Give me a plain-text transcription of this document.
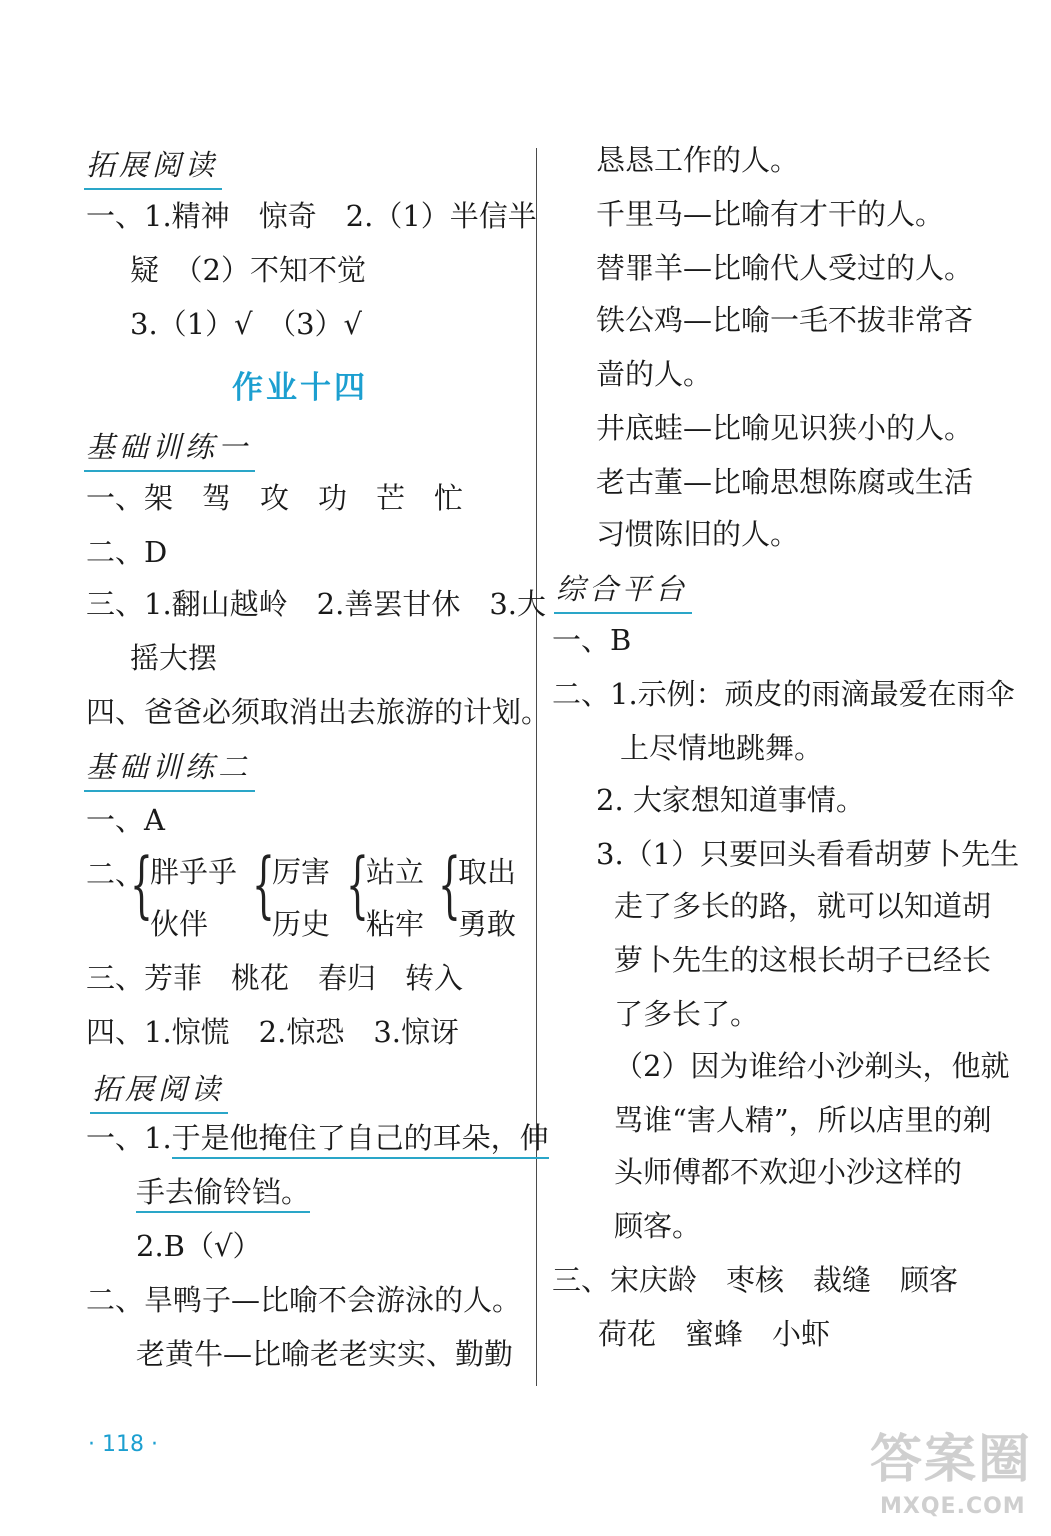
拓展阅读
一、1.精神　惊奇　2.（1）半信半
疑　（2）不知不觉
3.（1）√　（3）√
作业十四
基础训练一
一、架　驾　攻　功　芒　忙
二、D
三、1.翻山越岭　2.善罢甘休　3.大
摇大摆
四、爸爸必须取消出去旅游的计划。
基础训练二
一、A
二、
{
胖乎乎
伙伴 {
厉害
历史 {
站立
粘牢 {
取出
勇敢
三、芳菲　桃花　春归　转入
四、1.惊慌　2.惊恐　3.惊讶
拓展阅读
一、1.于是他掩住了自己的耳朵，伸
手去偷铃铛。
2.B（√）
二、旱鸭子—比喻不会游泳的人。
老黄牛—比喻老老实实、勤勤
恳恳工作的人。
千里马—比喻有才干的人。
替罪羊—比喻代人受过的人。
铁公鸡—比喻一毛不拔非常吝
啬的人。
井底蛙—比喻见识狭小的人。
老古董—比喻思想陈腐或生活
习惯陈旧的人。
综合平台
一、B
二、1.示例：顽皮的雨滴最爱在雨伞
上尽情地跳舞。
2. 大家想知道事情。
3.（1）只要回头看看胡萝卜先生
走了多长的路，就可以知道胡
萝卜先生的这根长胡子已经长
了多长了。
（2）因为谁给小沙剃头，他就
骂谁“害人精”，所以店里的剃
头师傅都不欢迎小沙这样的
顾客。
三、宋庆龄　枣核　裁缝　顾客
荷花　蜜蜂　小虾
· 118 ·	答案圈
MXQE.COM
